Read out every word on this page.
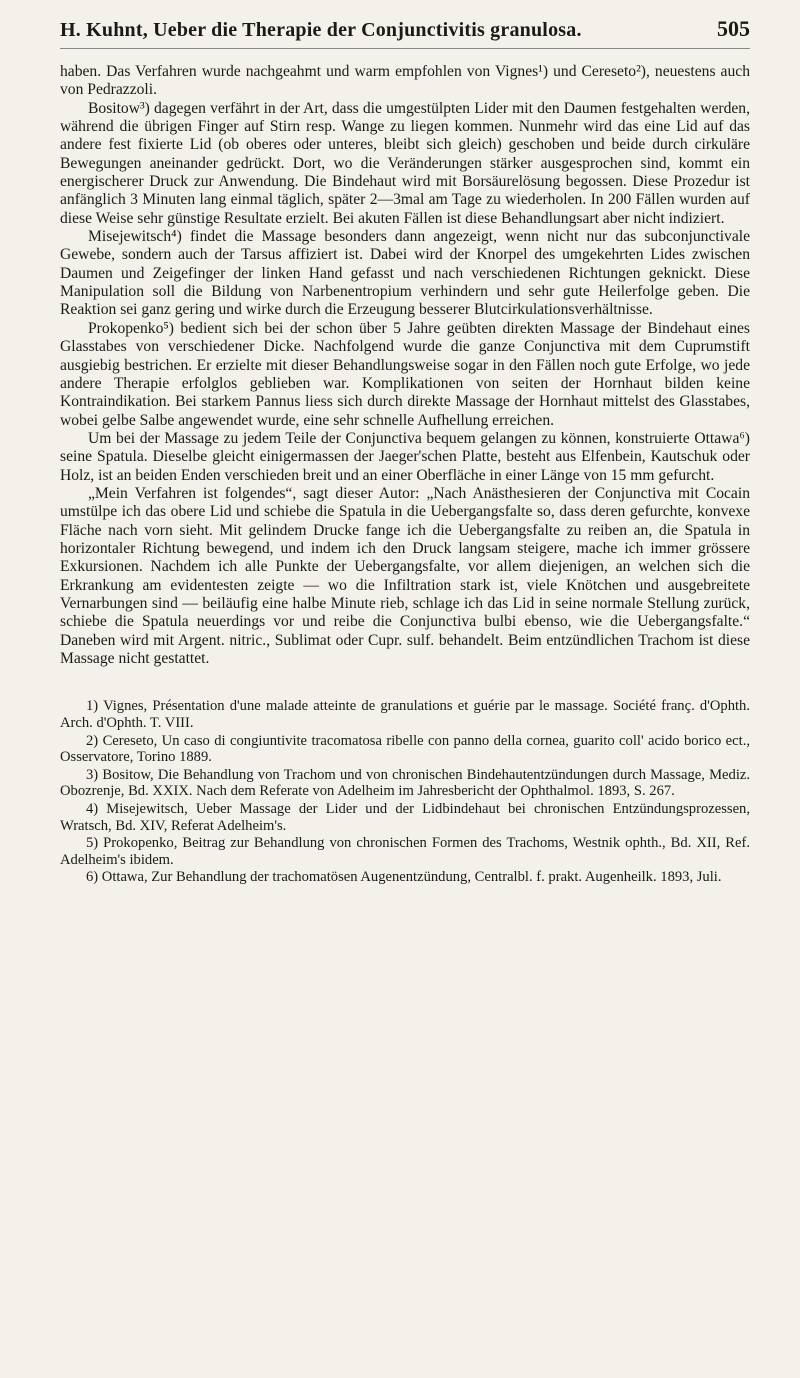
H. Kuhnt, Ueber die Therapie der Conjunctivitis granulosa.	505

haben. Das Verfahren wurde nachgeahmt und warm empfohlen von Vignes¹) und Cereseto²), neuestens auch von Pedrazzoli.

Bositow³) dagegen verfährt in der Art, dass die umgestülpten Lider mit den Daumen festgehalten werden, während die übrigen Finger auf Stirn resp. Wange zu liegen kommen. Nunmehr wird das eine Lid auf das andere fest fixierte Lid (ob oberes oder unteres, bleibt sich gleich) geschoben und beide durch cirkuläre Bewegungen aneinander gedrückt. Dort, wo die Veränderungen stärker ausgesprochen sind, kommt ein energischerer Druck zur Anwendung. Die Bindehaut wird mit Borsäurelösung begossen. Diese Prozedur ist anfänglich 3 Minuten lang einmal täglich, später 2—3mal am Tage zu wiederholen. In 200 Fällen wurden auf diese Weise sehr günstige Resultate erzielt. Bei akuten Fällen ist diese Behandlungsart aber nicht indiziert.

Misejewitsch⁴) findet die Massage besonders dann angezeigt, wenn nicht nur das subconjunctivale Gewebe, sondern auch der Tarsus affiziert ist. Dabei wird der Knorpel des umgekehrten Lides zwischen Daumen und Zeigefinger der linken Hand gefasst und nach verschiedenen Richtungen geknickt. Diese Manipulation soll die Bildung von Narbenentropium verhindern und sehr gute Heilerfolge geben. Die Reaktion sei ganz gering und wirke durch die Erzeugung besserer Blutcirkulationsverhältnisse.

Prokopenko⁵) bedient sich bei der schon über 5 Jahre geübten direkten Massage der Bindehaut eines Glasstabes von verschiedener Dicke. Nachfolgend wurde die ganze Conjunctiva mit dem Cuprumstift ausgiebig bestrichen. Er erzielte mit dieser Behandlungsweise sogar in den Fällen noch gute Erfolge, wo jede andere Therapie erfolglos geblieben war. Komplikationen von seiten der Hornhaut bilden keine Kontraindikation. Bei starkem Pannus liess sich durch direkte Massage der Hornhaut mittelst des Glasstabes, wobei gelbe Salbe angewendet wurde, eine sehr schnelle Aufhellung erreichen.

Um bei der Massage zu jedem Teile der Conjunctiva bequem gelangen zu können, konstruierte Ottawa⁶) seine Spatula. Dieselbe gleicht einigermassen der Jaeger'schen Platte, besteht aus Elfenbein, Kautschuk oder Holz, ist an beiden Enden verschieden breit und an einer Oberfläche in einer Länge von 15 mm gefurcht.

„Mein Verfahren ist folgendes“, sagt dieser Autor: „Nach Anästhesieren der Conjunctiva mit Cocain umstülpe ich das obere Lid und schiebe die Spatula in die Uebergangsfalte so, dass deren gefurchte, konvexe Fläche nach vorn sieht. Mit gelindem Drucke fange ich die Uebergangsfalte zu reiben an, die Spatula in horizontaler Richtung bewegend, und indem ich den Druck langsam steigere, mache ich immer grössere Exkursionen. Nachdem ich alle Punkte der Uebergangsfalte, vor allem diejenigen, an welchen sich die Erkrankung am evidentesten zeigte — wo die Infiltration stark ist, viele Knötchen und ausgebreitete Vernarbungen sind — beiläufig eine halbe Minute rieb, schlage ich das Lid in seine normale Stellung zurück, schiebe die Spatula neuerdings vor und reibe die Conjunctiva bulbi ebenso, wie die Uebergangsfalte.“ Daneben wird mit Argent. nitric., Sublimat oder Cupr. sulf. behandelt. Beim entzündlichen Trachom ist diese Massage nicht gestattet.

1) Vignes, Présentation d'une malade atteinte de granulations et guérie par le massage. Société franç. d'Ophth. Arch. d'Ophth. T. VIII.

2) Cereseto, Un caso di congiuntivite tracomatosa ribelle con panno della cornea, guarito coll' acido borico ect., Osservatore, Torino 1889.

3) Bositow, Die Behandlung von Trachom und von chronischen Bindehautentzündungen durch Massage, Mediz. Obozrenje, Bd. XXIX. Nach dem Referate von Adelheim im Jahresbericht der Ophthalmol. 1893, S. 267.

4) Misejewitsch, Ueber Massage der Lider und der Lidbindehaut bei chronischen Entzündungsprozessen, Wratsch, Bd. XIV, Referat Adelheim's.

5) Prokopenko, Beitrag zur Behandlung von chronischen Formen des Trachoms, Westnik ophth., Bd. XII, Ref. Adelheim's ibidem.

6) Ottawa, Zur Behandlung der trachomatösen Augenentzündung, Centralbl. f. prakt. Augenheilk. 1893, Juli.
